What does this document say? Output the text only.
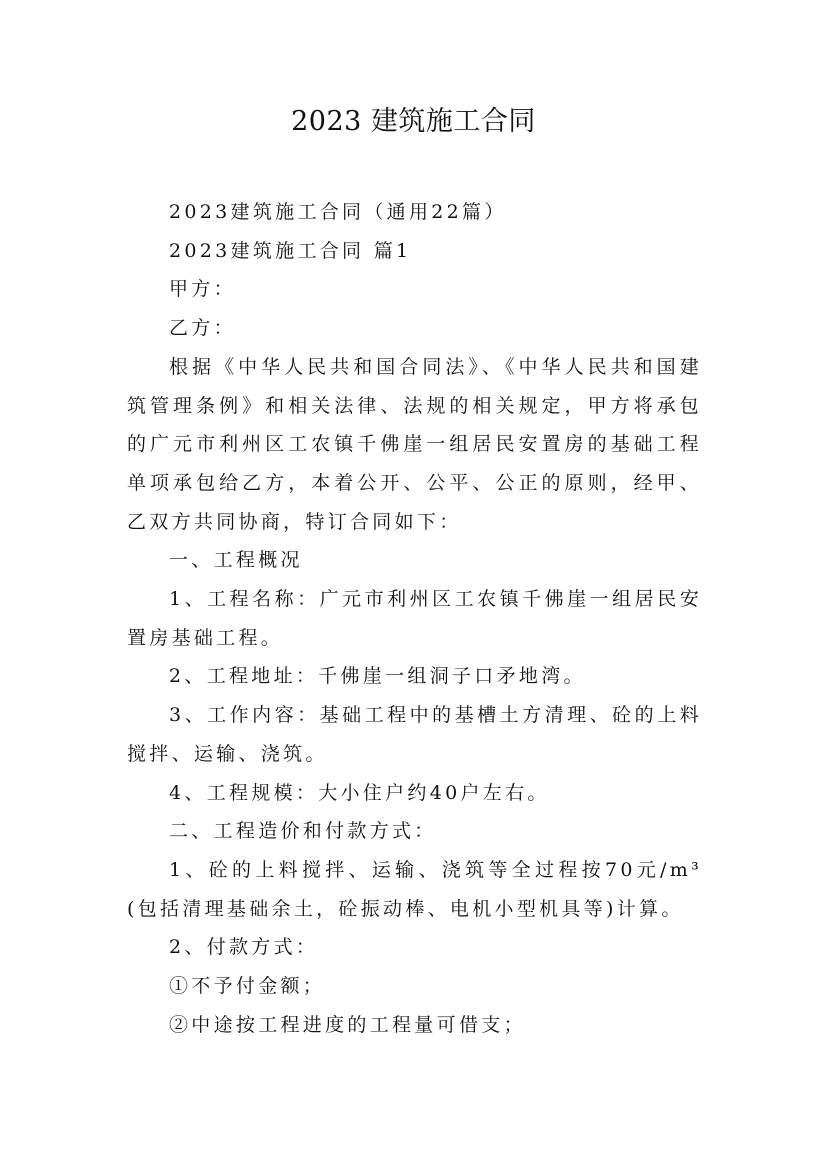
2023 建筑施工合同

2023建筑施工合同（通用22篇）

2023建筑施工合同 篇1

甲方：

乙方：

根据《中华人民共和国合同法》、《中华人民共和国建筑管理条例》和相关法律、法规的相关规定，甲方将承包的广元市利州区工农镇千佛崖一组居民安置房的基础工程单项承包给乙方，本着公开、公平、公正的原则，经甲、乙双方共同协商，特订合同如下：

一、工程概况

1、工程名称：广元市利州区工农镇千佛崖一组居民安置房基础工程。

2、工程地址：千佛崖一组洞子口矛地湾。

3、工作内容：基础工程中的基槽土方清理、砼的上料搅拌、运输、浇筑。

4、工程规模：大小住户约40户左右。

二、工程造价和付款方式：

1、砼的上料搅拌、运输、浇筑等全过程按70元/m³(包括清理基础余土，砼振动棒、电机小型机具等)计算。

2、付款方式：

①不予付金额；

②中途按工程进度的工程量可借支；
